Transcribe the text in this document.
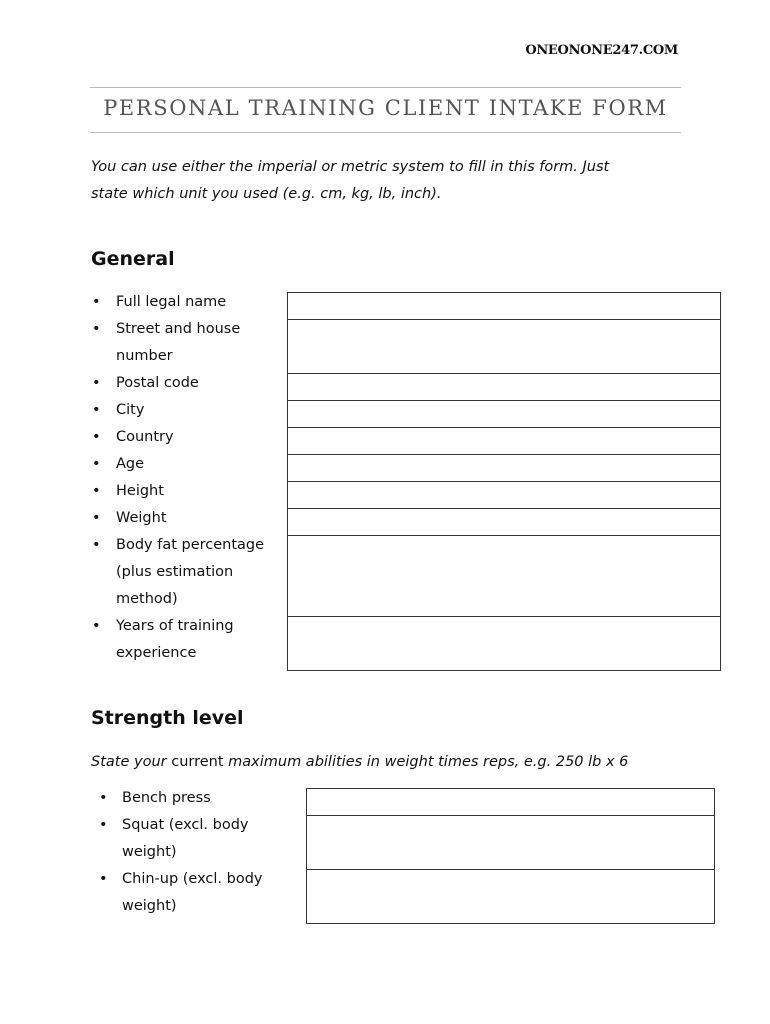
ONEONONE247.COM
PERSONAL TRAINING CLIENT INTAKE FORM
You can use either the imperial or metric system to fill in this form. Just
state which unit you used (e.g. cm, kg, lb, inch).
General
• Full legal name
• Street and house
number
• Postal code
• City
• Country
• Age
• Height
• Weight
• Body fat percentage
(plus estimation
method)
• Years of training
experience
Strength level
State your current maximum abilities in weight times reps, e.g. 250 lb x 6
• Bench press
• Squat (excl. body
weight)
• Chin-up (excl. body
weight)
